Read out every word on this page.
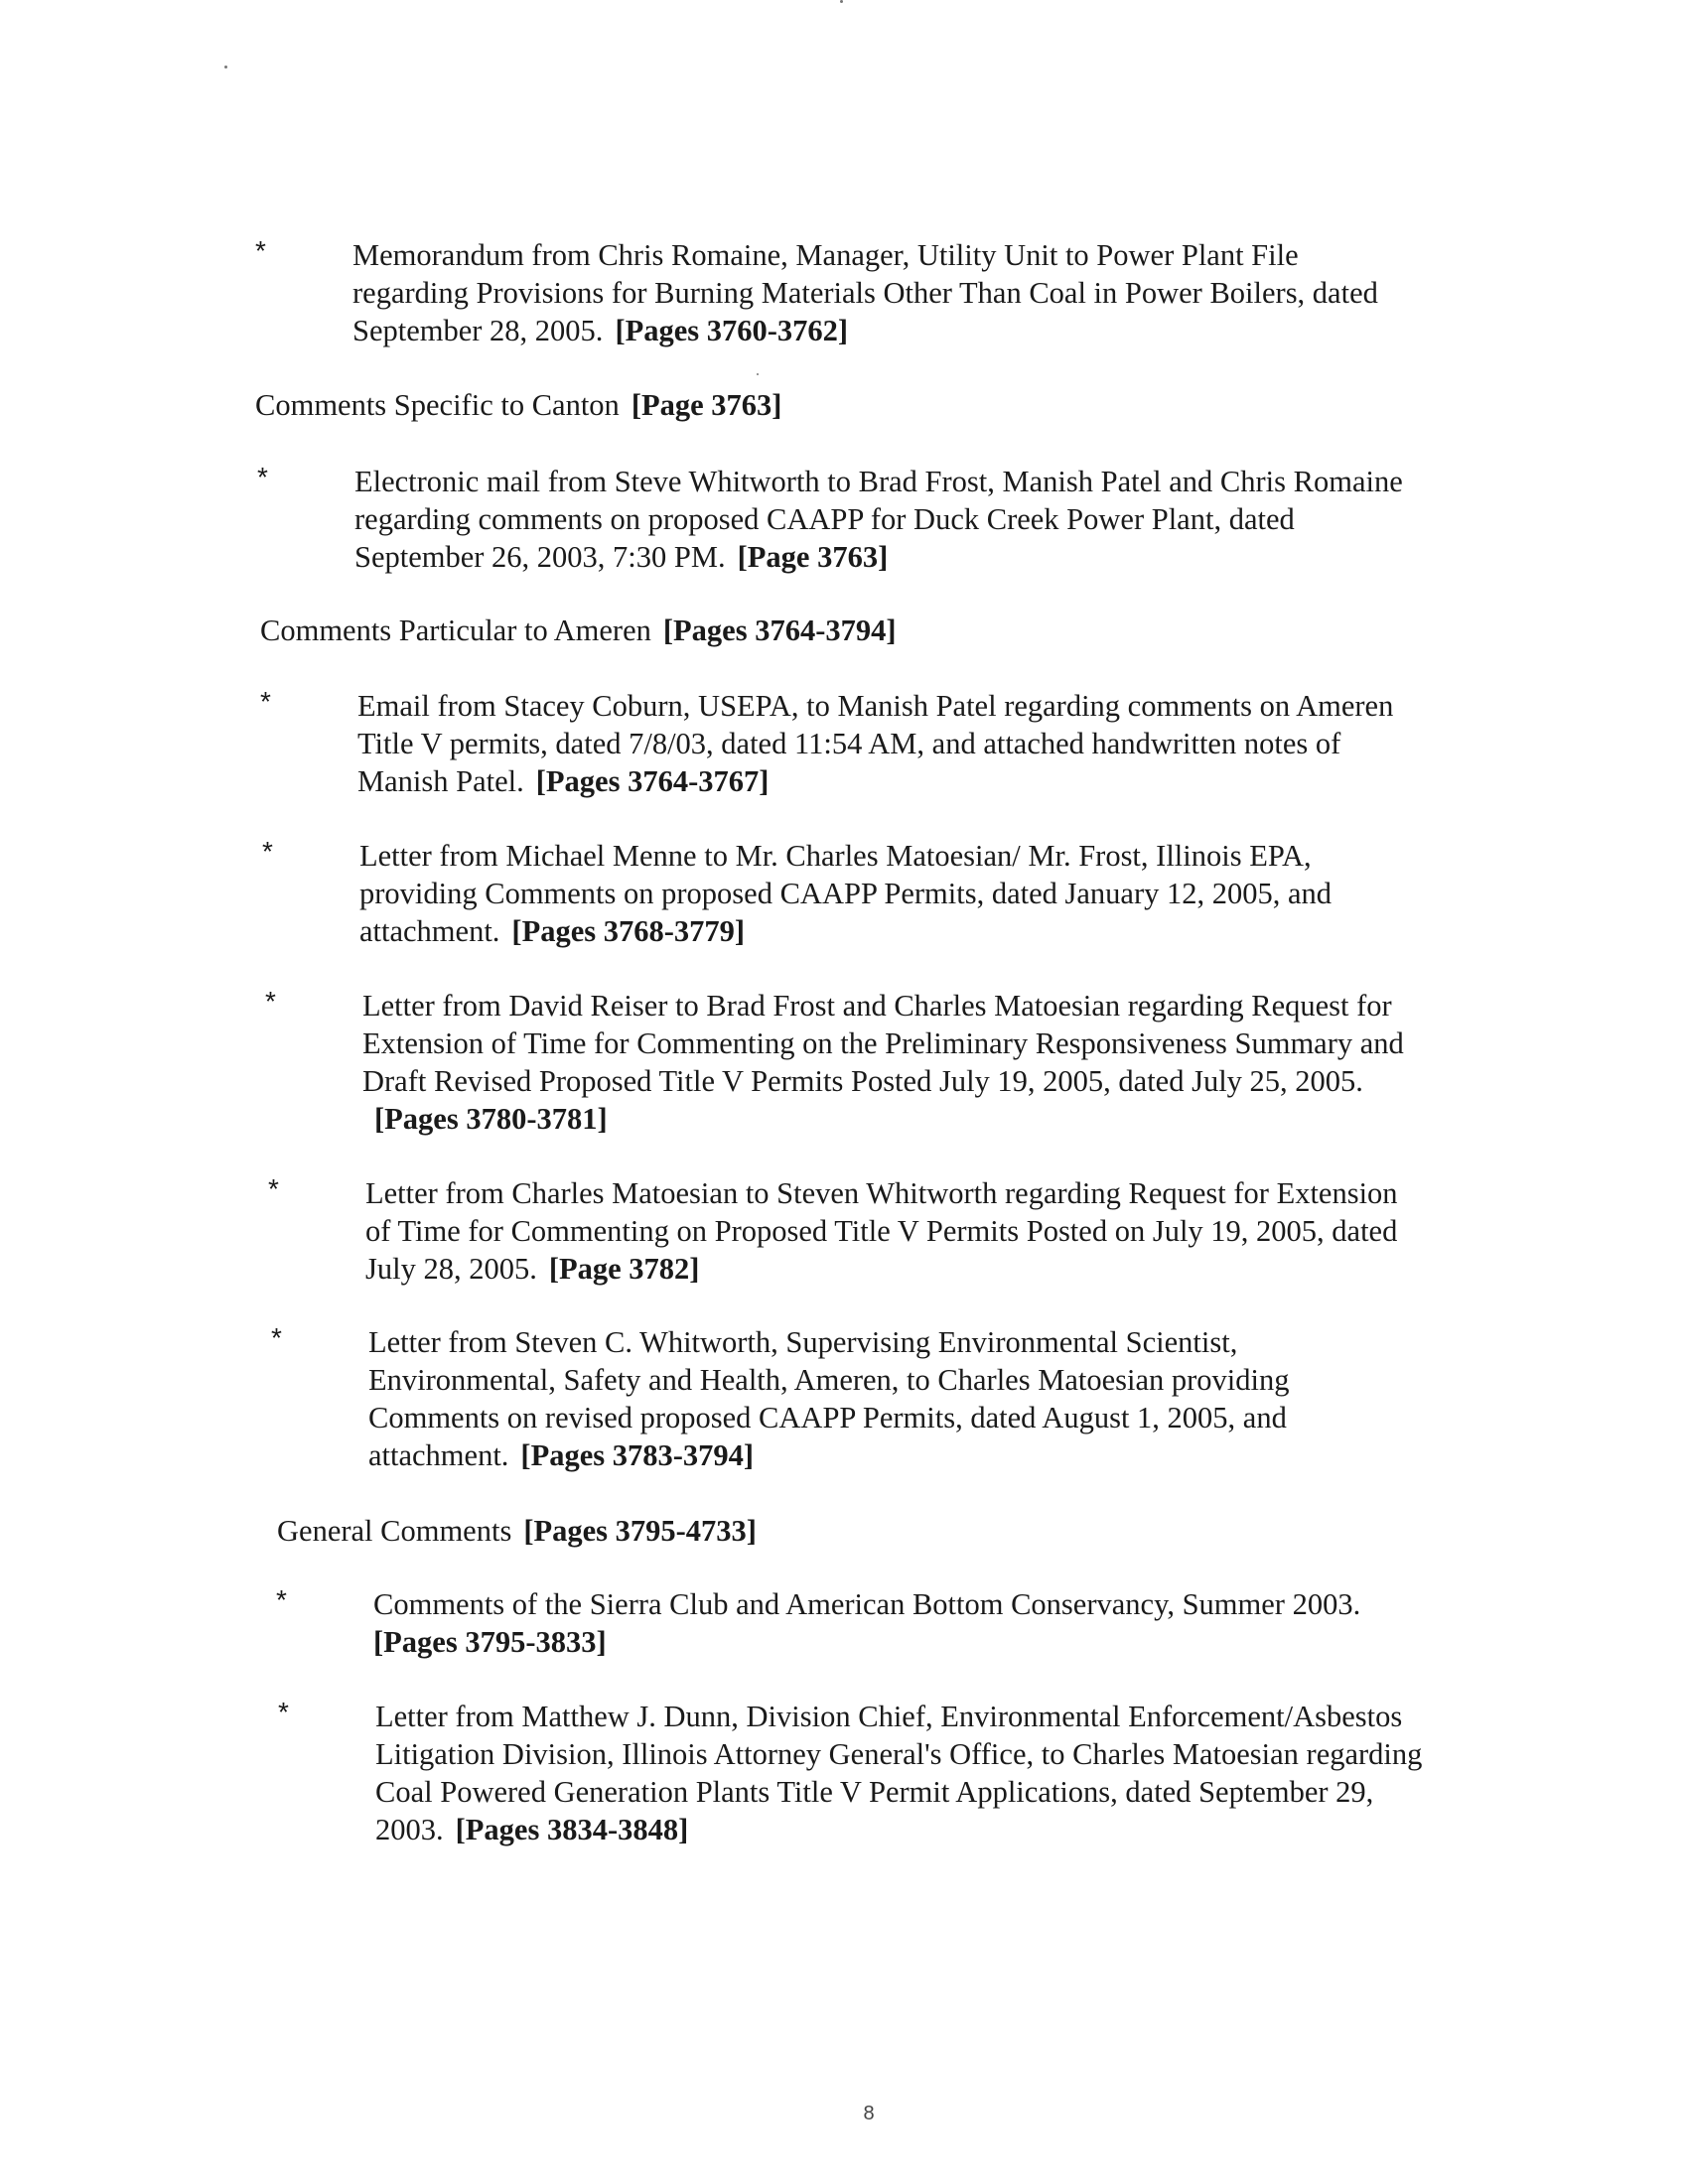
*	Memorandum from Chris Romaine, Manager, Utility Unit to Power Plant File regarding Provisions for Burning Materials Other Than Coal in Power Boilers, dated September 28, 2005. [Pages 3760-3762]
Comments Specific to Canton [Page 3763]
*	Electronic mail from Steve Whitworth to Brad Frost, Manish Patel and Chris Romaine regarding comments on proposed CAAPP for Duck Creek Power Plant, dated September 26, 2003, 7:30 PM. [Page 3763]
Comments Particular to Ameren [Pages 3764-3794]
*	Email from Stacey Coburn, USEPA, to Manish Patel regarding comments on Ameren Title V permits, dated 7/8/03, dated 11:54 AM, and attached handwritten notes of Manish Patel. [Pages 3764-3767]
*	Letter from Michael Menne to Mr. Charles Matoesian/ Mr. Frost, Illinois EPA, providing Comments on proposed CAAPP Permits, dated January 12, 2005, and attachment. [Pages 3768-3779]
*	Letter from David Reiser to Brad Frost and Charles Matoesian regarding Request for Extension of Time for Commenting on the Preliminary Responsiveness Summary and Draft Revised Proposed Title V Permits Posted July 19, 2005, dated July 25, 2005.[Pages 3780-3781]
*	Letter from Charles Matoesian to Steven Whitworth regarding Request for Extension of Time for Commenting on Proposed Title V Permits Posted on July 19, 2005, dated July 28, 2005. [Page 3782]
*	Letter from Steven C. Whitworth, Supervising Environmental Scientist, Environmental, Safety and Health, Ameren, to Charles Matoesian providing Comments on revised proposed CAAPP Permits, dated August 1, 2005, and attachment. [Pages 3783-3794]
General Comments [Pages 3795-4733]
*	Comments of the Sierra Club and American Bottom Conservancy, Summer 2003.
[Pages 3795-3833]
*	Letter from Matthew J. Dunn, Division Chief, Environmental Enforcement/Asbestos Litigation Division, Illinois Attorney General's Office, to Charles Matoesian regarding Coal Powered Generation Plants Title V Permit Applications, dated September 29, 2003. [Pages 3834-3848]
8
